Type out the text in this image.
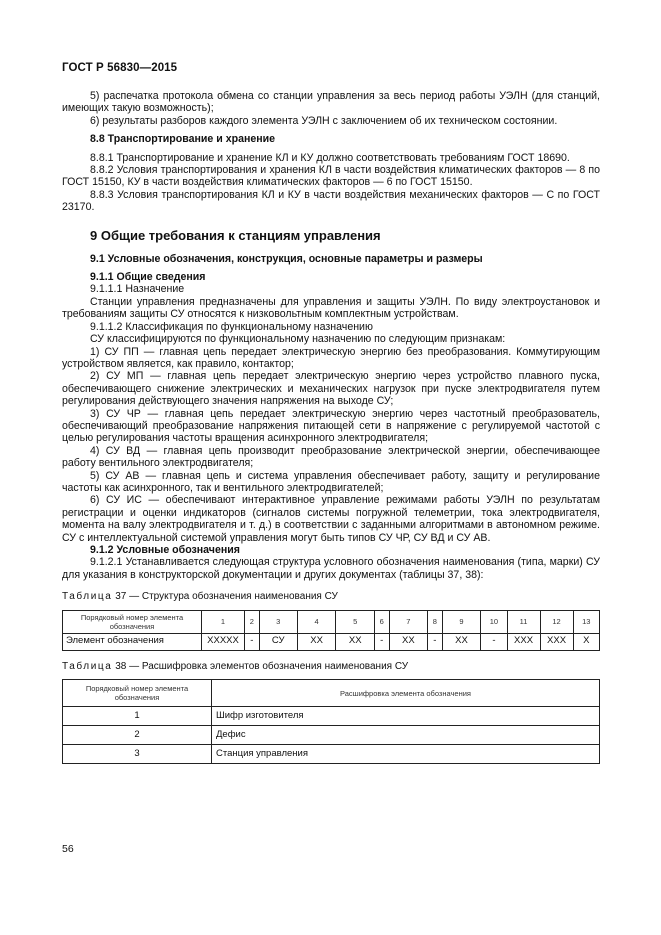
ГОСТ Р 56830—2015

5) распечатка протокола обмена со станции управления за весь период работы УЭЛН (для станций, имеющих такую возможность);

6) результаты разборов каждого элемента УЭЛН с заключением об их техническом состоянии.

8.8 Транспортирование и хранение

8.8.1 Транспортирование и хранение КЛ и КУ должно соответствовать требованиям ГОСТ 18690.

8.8.2 Условия транспортирования и хранения КЛ в части воздействия климатических факторов — 8 по ГОСТ 15150, КУ в части воздействия климатических факторов — 6 по ГОСТ 15150.

8.8.3 Условия транспортирования КЛ и КУ в части воздействия механических факторов — С по ГОСТ 23170.

9 Общие требования к станциям управления

9.1 Условные обозначения, конструкция, основные параметры и размеры

9.1.1 Общие сведения

9.1.1.1 Назначение

Станции управления предназначены для управления и защиты УЭЛН. По виду электроустановок и требованиям защиты СУ относятся к низковольтным комплектным устройствам.

9.1.1.2 Классификация по функциональному назначению

СУ классифицируются по функциональному назначению по следующим признакам:

1) СУ ПП — главная цепь передает электрическую энергию без преобразования. Коммутирующим устройством является, как правило, контактор;

2) СУ МП — главная цепь передает электрическую энергию через устройство плавного пуска, обеспечивающего снижение электрических и механических нагрузок при пуске электродвигателя путем регулирования действующего значения напряжения на выходе СУ;

3) СУ ЧР — главная цепь передает электрическую энергию через частотный преобразователь, обеспечивающий преобразование напряжения питающей сети в напряжение с регулируемой частотой с целью регулирования частоты вращения асинхронного электродвигателя;

4) СУ ВД — главная цепь производит преобразование электрической энергии, обеспечивающее работу вентильного электродвигателя;

5) СУ АВ — главная цепь и система управления обеспечивает работу, защиту и регулирование частоты как асинхронного, так и вентильного электродвигателей;

6) СУ ИС — обеспечивают интерактивное управление режимами работы УЭЛН по результатам регистрации и оценки индикаторов (сигналов системы погружной телеметрии, тока электродвигателя, момента на валу электродвигателя и т. д.) в соответствии с заданными алгоритмами в автономном режиме. СУ с интеллектуальной системой управления могут быть типов СУ ЧР, СУ ВД и СУ АВ.

9.1.2 Условные обозначения

9.1.2.1 Устанавливается следующая структура условного обозначения наименования (типа, марки) СУ для указания в конструкторской документации и других документах (таблицы 37, 38):

Таблица 37 — Структура обозначения наименования СУ
Порядковый номер элемента обозначения	1	2	3	4	5	6	7	8	9	10	11	12	13
Элемент обозначения	XXXXX	-	СУ	XX	XX	-	XX	-	XX	-	XXX	XXX	X
Таблица 38 — Расшифровка элементов обозначения наименования СУ
Порядковый номер элемента обозначения	Расшифровка элемента обозначения
1	Шифр изготовителя
2	Дефис
3	Станция управления
56
